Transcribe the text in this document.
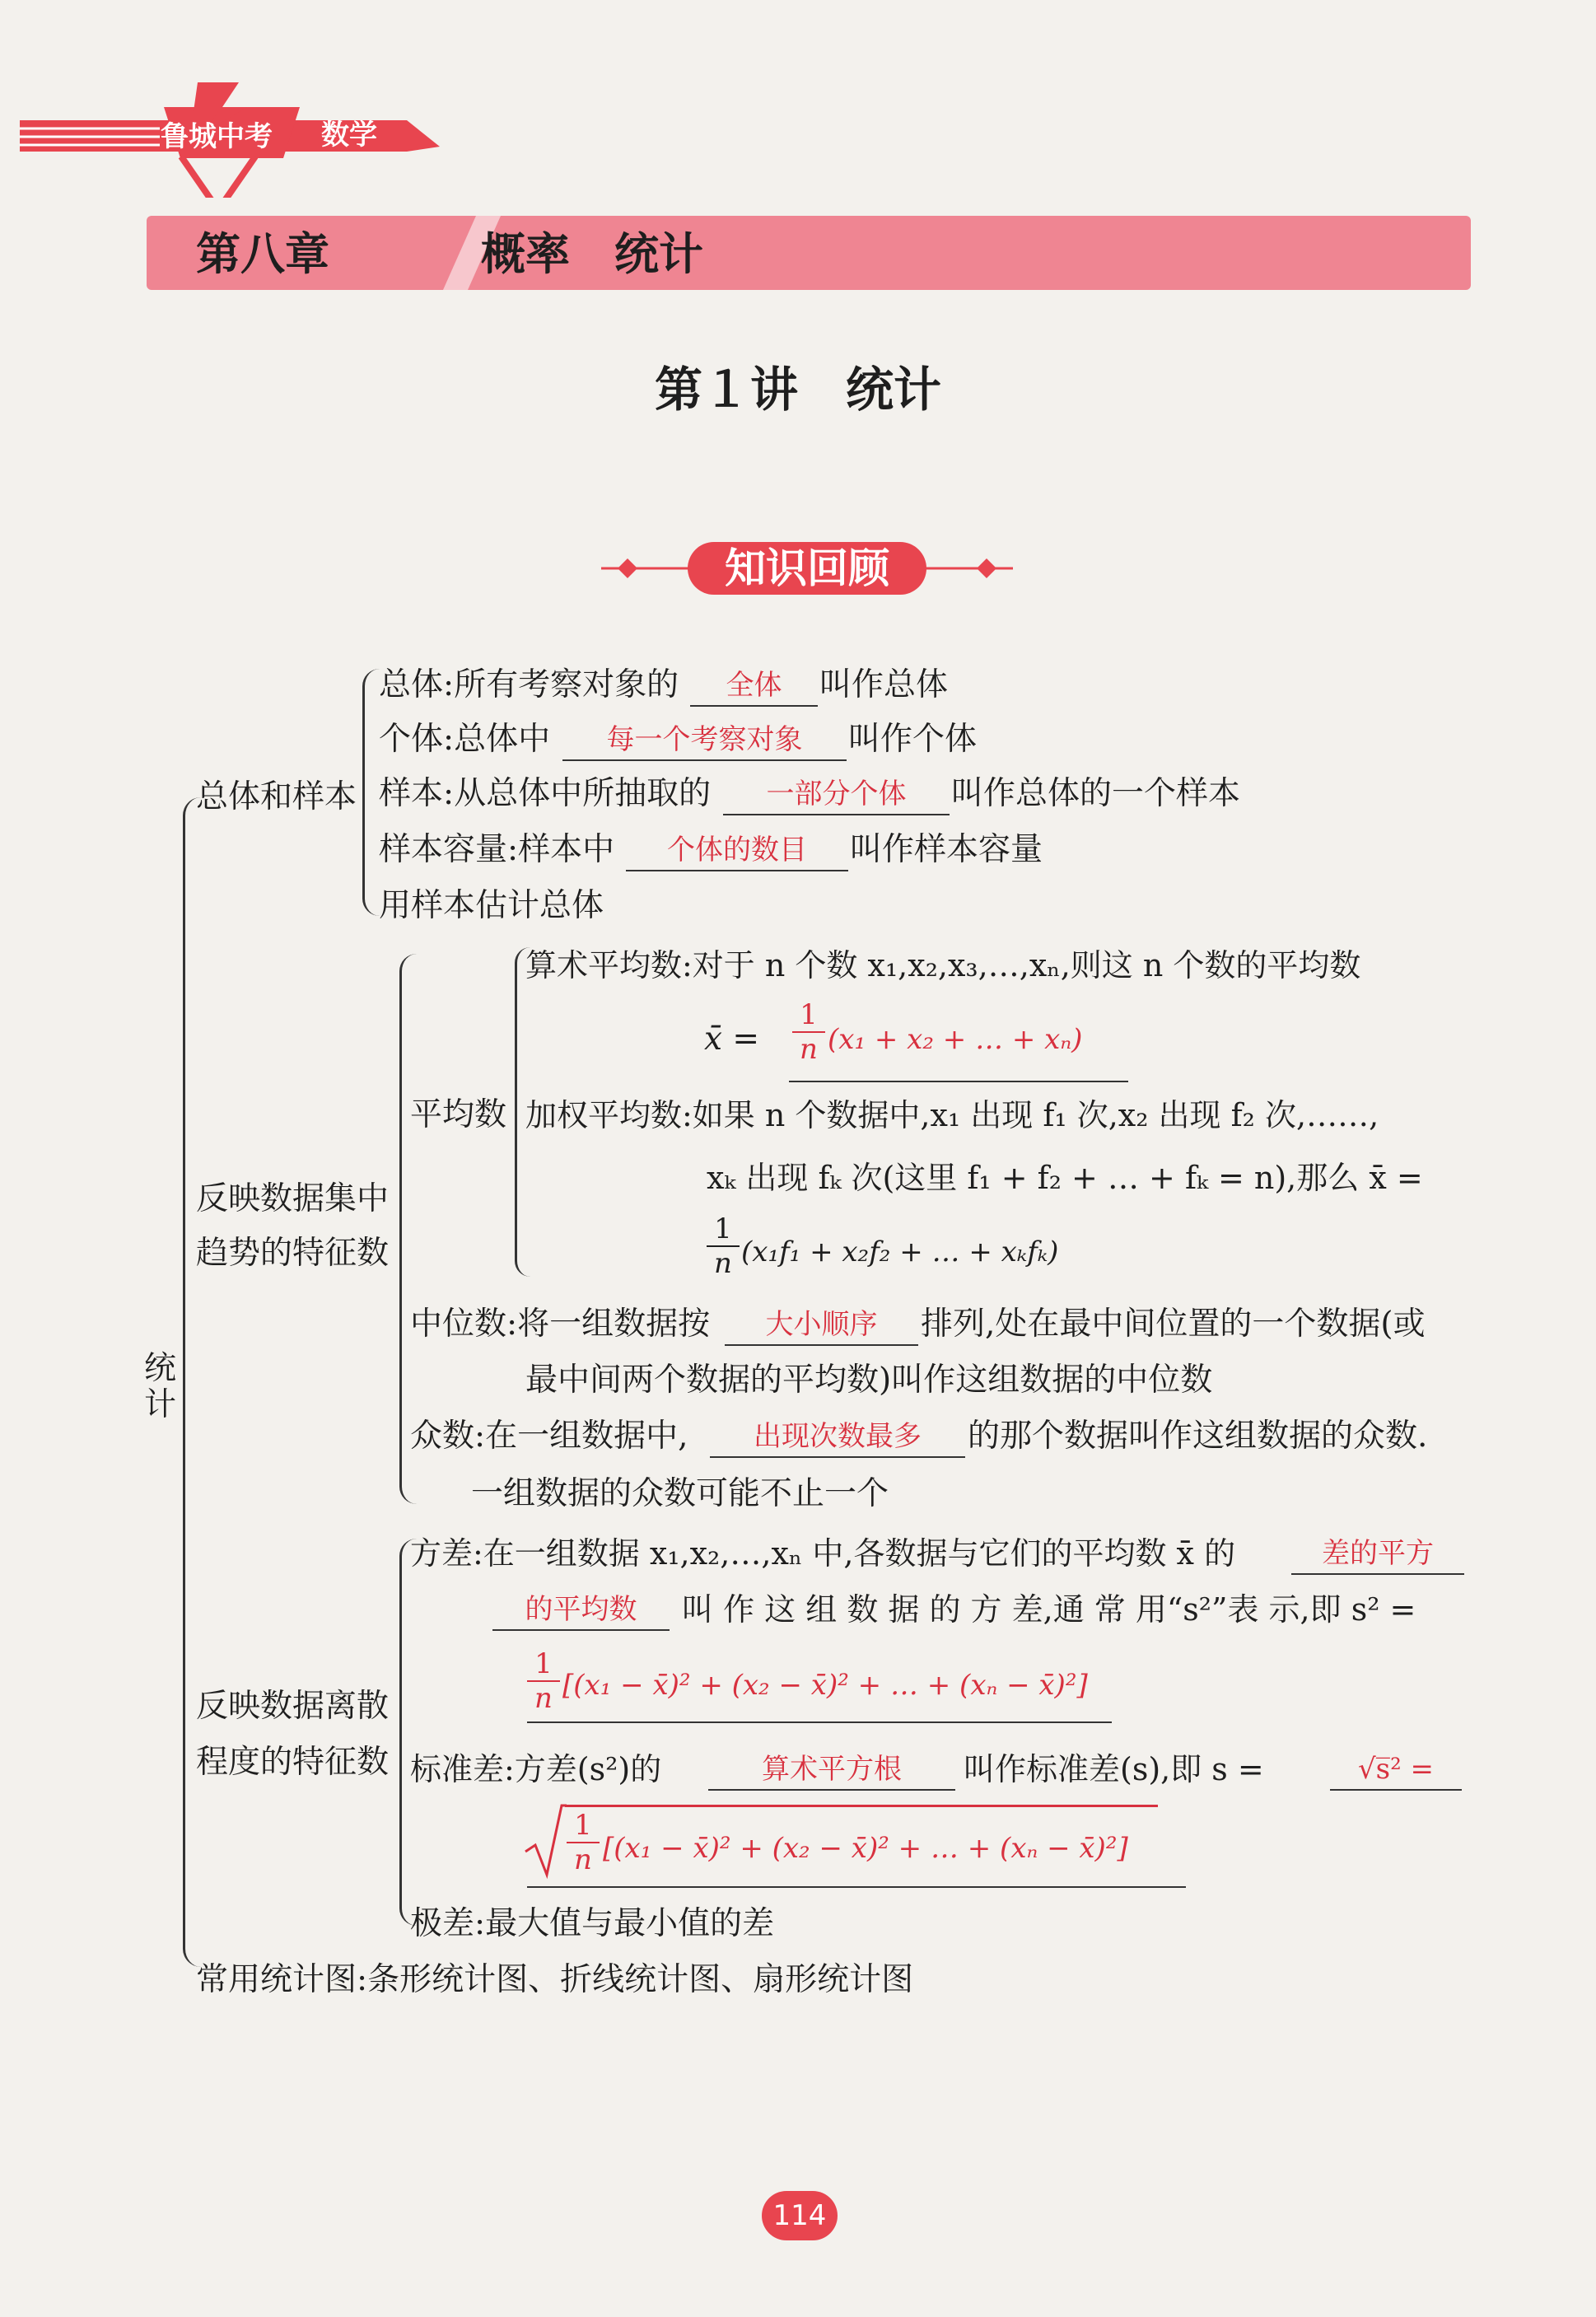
鲁城中考 数学
第八章	概率　统计
第１讲　统计
知识回顾
统计
总体和样本
总体:所有考察对象的	全体	叫作总体
个体:总体中	每一个考察对象	叫作个体
样本:从总体中所抽取的	一部分个体	叫作总体的一个样本
样本容量:样本中	个体的数目	叫作样本容量
用样本估计总体
反映数据集中
趋势的特征数
平均数
算术平均数:对于 n 个数 x₁,x₂,x₃,…,xₙ,则这 n 个数的平均数
x̄ = $\frac{1}{n} (x_1 + x_2$ + … + xₙ)
加权平均数:如果 n 个数据中,x₁ 出现 f₁ 次,x₂ 出现 f₂ 次,……,
xₖ 出现 fₖ 次(这里 f₁ + f₂ + … + fₖ = n),那么 x̄ =
$\frac{1}{n} (x_1f_1 + x_2f_2$ + … + xₖfₖ)
中位数:将一组数据按	大小顺序	排列,处在最中间位置的一个数据(或
最中间两个数据的平均数)叫作这组数据的中位数
众数:在一组数据中,	出现次数最多	的那个数据叫作这组数据的众数.
一组数据的众数可能不止一个
反映数据离散
程度的特征数
方差:在一组数据 x₁,x₂,…,xₙ 中,各数据与它们的平均数 x̄ 的	差的平方
的平均数	叫 作 这 组 数 据 的 方 差,通 常 用“s²”表 示,即 s² =
$\frac{1}{n} [(x_1$ − x̄)² + (x₂ − x̄)² + … + (xₙ − x̄)²]
标准差:方差(s²)的	算术平方根	叫作标准差(s),即 s =	√s̅² =
$\frac{1}{n} [(x_1$ − x̄)² + (x₂ − x̄)² + … + (xₙ − x̄)²]
极差:最大值与最小值的差
常用统计图:条形统计图、折线统计图、扇形统计图
114
